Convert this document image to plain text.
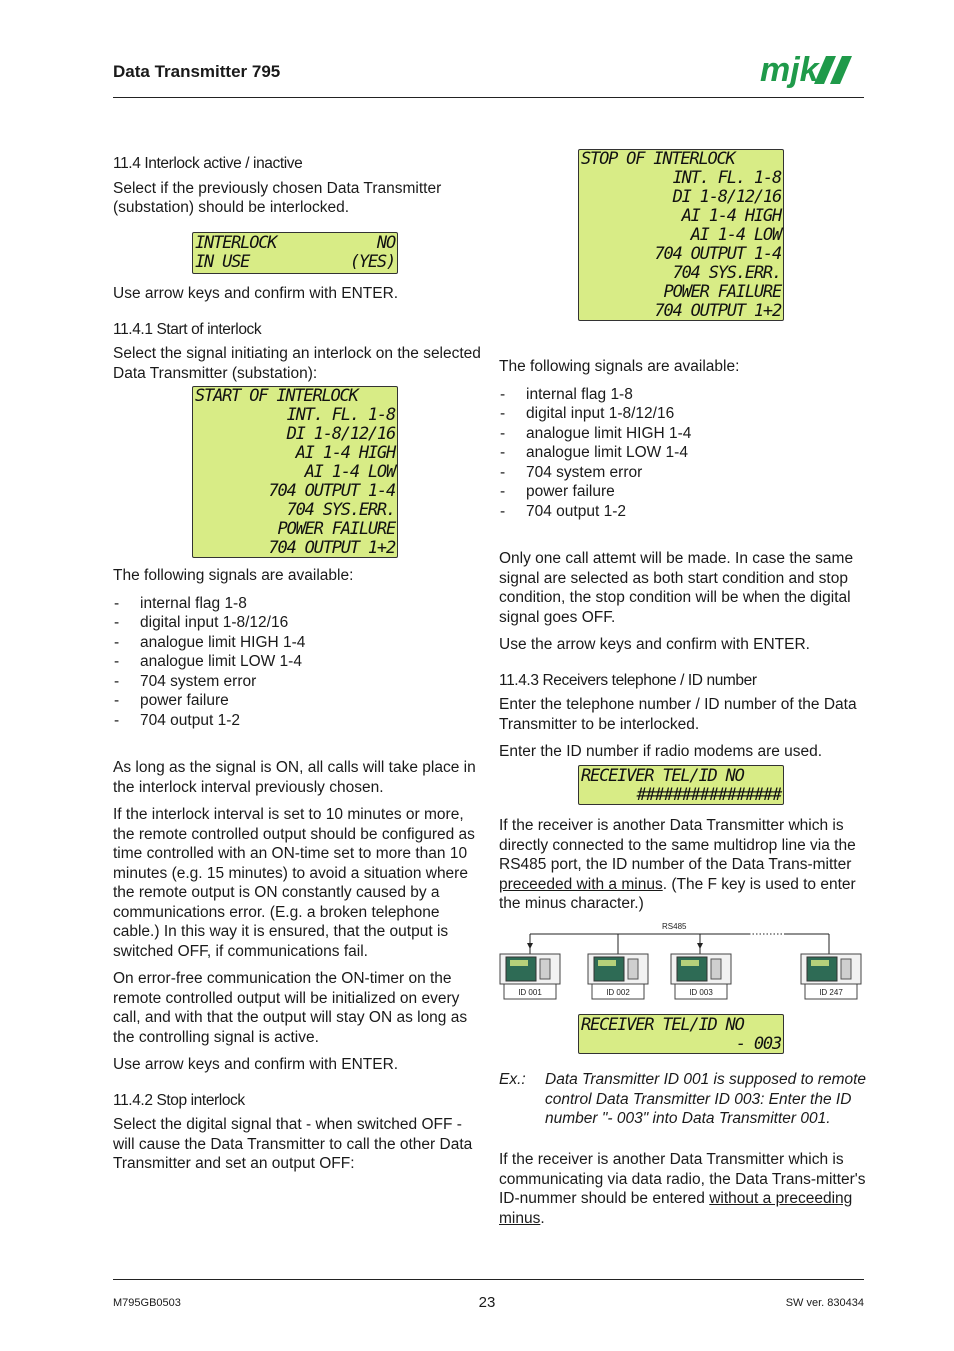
Data Transmitter 795	mjk

11.4 Interlock active / inactive

Select if the previously chosen Data Transmitter (substation) should be interlocked.

INTERLOCK	NO
IN USE	(YES)

Use arrow keys and confirm with ENTER.

11.4.1 Start of interlock

Select the signal initiating an interlock on the selected Data Transmitter (substation):

START OF INTERLOCK
INT. FL. 1-8
DI 1-8/12/16
AI 1-4 HIGH
AI 1-4 LOW
704 OUTPUT 1-4
704 SYS.ERR.
POWER FAILURE
704 OUTPUT 1+2

The following signals are available:

- internal flag 1-8
- digital input 1-8/12/16
- analogue limit HIGH 1-4
- analogue limit LOW 1-4
- 704 system error
- power failure
- 704 output 1-2

As long as the signal is ON, all calls will take place in the interlock interval previously chosen.

If the interlock interval is set to 10 minutes or more, the remote controlled output should be configured as time controlled with an ON-time set to more than 10 minutes (e.g. 15 minutes) to avoid a situation where the remote output is ON constantly caused by a communications error. (E.g. a broken telephone cable.) In this way it is ensured, that the output is switched OFF, if communications fail.

On error-free communication the ON-timer on the remote controlled output will be initialized on every call, and with that the output will stay ON as long as the controlling signal is active.

Use arrow keys and confirm with ENTER.

11.4.2 Stop interlock

Select the digital signal that - when switched OFF - will cause the Data Transmitter to call the other Data Transmitter and set an output OFF:

STOP OF INTERLOCK
INT. FL. 1-8
DI 1-8/12/16
AI 1-4 HIGH
AI 1-4 LOW
704 OUTPUT 1-4
704 SYS.ERR.
POWER FAILURE
704 OUTPUT 1+2

The following signals are available:

- internal flag 1-8
- digital input 1-8/12/16
- analogue limit HIGH 1-4
- analogue limit LOW 1-4
- 704 system error
- power failure
- 704 output 1-2

Only one call attemt will be made. In case the same signal are selected as both start condition and stop condition, the stop condition will be when the digital signal goes OFF.

Use the arrow keys and confirm with ENTER.

11.4.3 Receivers telephone / ID number

Enter the telephone number / ID number of the Data Transmitter to be interlocked.

Enter the ID number if radio modems are used.

RECEIVER TEL/ID NO
################

If the receiver is another Data Transmitter which is directly connected to the same multidrop line via the RS485 port, the ID number of the Data Trans-mitter preceeded with a minus. (The F key is used to enter the minus character.)

RS485
ID 001	ID 002	ID 003	ID 247
RECEIVER TEL/ID NO
- 003
Ex.: Data Transmitter ID 001 is supposed to remote control Data Transmitter ID 003: Enter the ID number "- 003" into Data Transmitter 001.

If the receiver is another Data Transmitter which is communicating via data radio, the Data Trans-mitter's ID-nummer should be entered without a preceeding minus.

M795GB0503	23	SW ver. 830434
